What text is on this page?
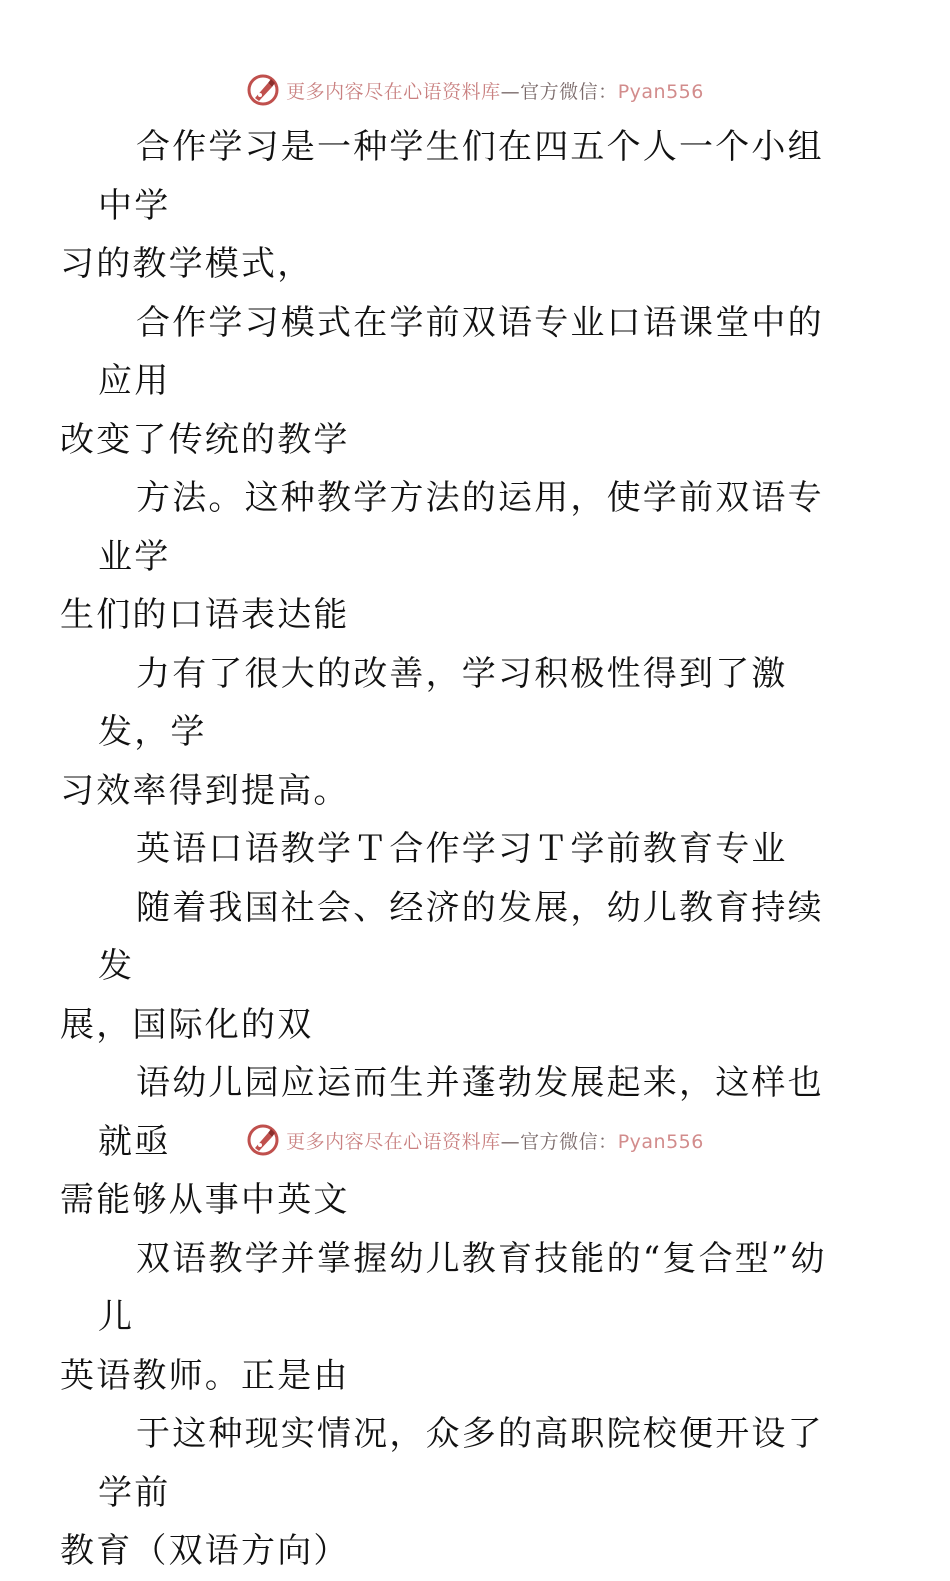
更多内容尽在心语资料库—官方微信：Pyan556

合作学习是一种学生们在四五个人一个小组中学
习的教学模式，

合作学习模式在学前双语专业口语课堂中的应用
改变了传统的教学

方法。这种教学方法的运用，使学前双语专业学
生们的口语表达能

力有了很大的改善，学习积极性得到了激发，学
习效率得到提高。

英语口语教学Ｔ合作学习Ｔ学前教育专业

随着我国社会、经济的发展，幼儿教育持续发
展，国际化的双

语幼儿园应运而生并蓬勃发展起来，这样也就亟
需能够从事中英文

双语教学并掌握幼儿教育技能的“复合型”幼儿
英语教师。正是由

于这种现实情况，众多的高职院校便开设了学前
教育（双语方向）

更多内容尽在心语资料库—官方微信：Pyan556
